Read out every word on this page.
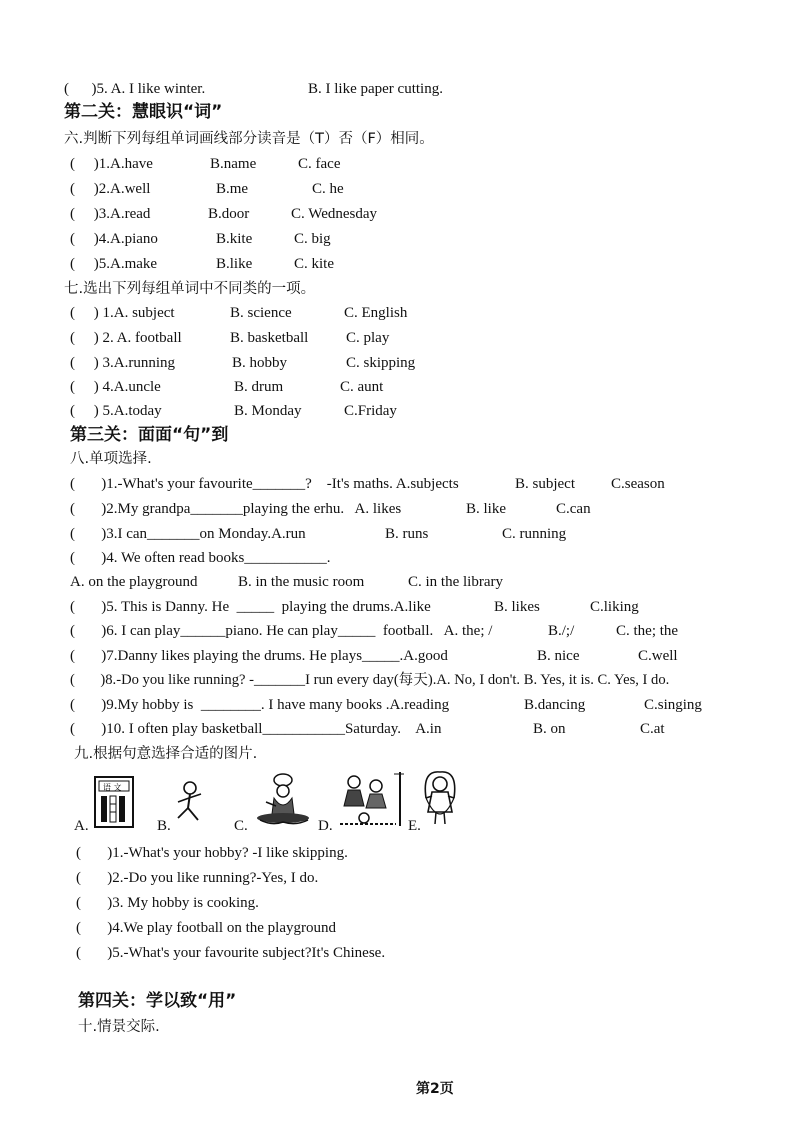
(      )5. A. I like winter.	B. I like paper cutting.
第二关：慧眼识“词”
六.判断下列每组单词画线部分读音是（T）否（F）相同。
(     )1.A.have	B.name	C. face
(     )2.A.well	B.me	C. he
(     )3.A.read	B.door	C. Wednesday
(     )4.A.piano	B.kite	C. big
(     )5.A.make	B.like	C. kite
七.选出下列每组单词中不同类的一项。
(     ) 1.A. subject	B. science	C. English
(     ) 2. A. football	B. basketball	C. play
(     ) 3.A.running	B. hobby	C. skipping
(     ) 4.A.uncle	B. drum	C. aunt
(     ) 5.A.today	B. Monday	C.Friday
第三关：面面“句”到
八.单项选择.
(       )1.-What's your favourite_______?    -It's maths. A.subjects	B. subject C.season
(       )2.My grandpa_______playing the erhu.   A. likes	B. like	C.can
(       )3.I can_______on Monday.A.run	B. runs	C. running
(       )4. We often read books___________.
A. on the playground	B. in the music room	C. in the library
(       )5. This is Danny. He  _____  playing the drums.A.like	B. likes	C.liking
(       )6. I can play______piano. He can play_____  football.   A. the; /	B./;/	C. the; the
(       )7.Danny likes playing the drums. He plays_____.A.good	B. nice	C.well
(       )8.-Do you like running? -_______I run every day(每天).A. No, I don't. B. Yes, it is. C. Yes, I do.
(       )9.My hobby is  ________. I have many books .A.reading	B.dancing	C.singing
(       )10. I often play basketball___________Saturday.    A.in	B. on	C.at
九.根据句意选择合适的图片.
A.
语 文
B.	C.	D.	E.
(       )1.-What's your hobby? -I like skipping.
(       )2.-Do you like running?-Yes, I do.
(       )3. My hobby is cooking.
(       )4.We play football on the playground
(       )5.-What's your favourite subject?It's Chinese.
第四关：学以致“用”
十.情景交际.
第2页
